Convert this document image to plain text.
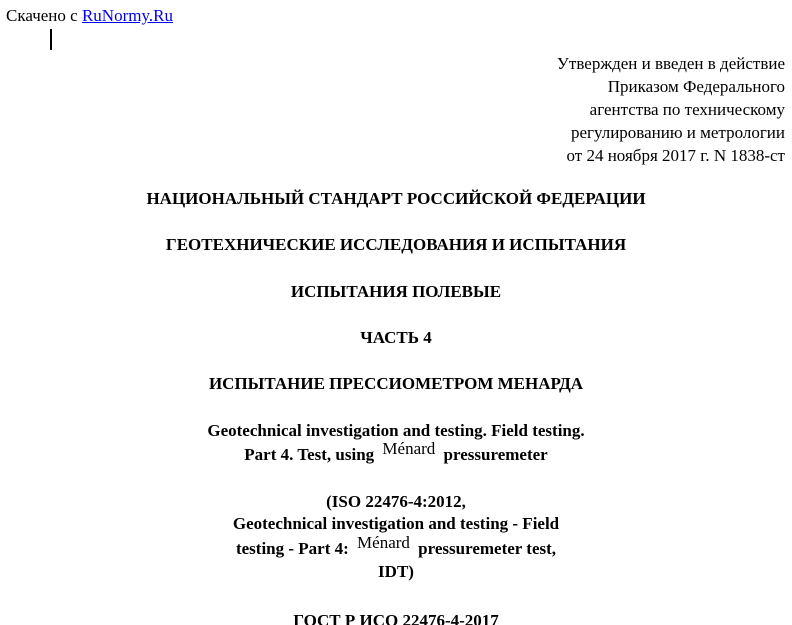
Скачено с RuNormy.Ru
Утвержден и введен в действие
Приказом Федерального
агентства по техническому
регулированию и метрологии
от 24 ноября 2017 г. N 1838-ст
НАЦИОНАЛЬНЫЙ СТАНДАРТ РОССИЙСКОЙ ФЕДЕРАЦИИ
ГЕОТЕХНИЧЕСКИЕ ИССЛЕДОВАНИЯ И ИСПЫТАНИЯ
ИСПЫТАНИЯ ПОЛЕВЫЕ
ЧАСТЬ 4
ИСПЫТАНИЕ ПРЕССИОМЕТРОМ МЕНАРДА
Geotechnical investigation and testing. Field testing.
Part 4. Test, using Ménard pressuremeter
(ISO 22476-4:2012,
Geotechnical investigation and testing - Field
testing - Part 4: Ménard pressuremeter test,
IDT)
ГОСТ Р ИСО 22476-4-2017
